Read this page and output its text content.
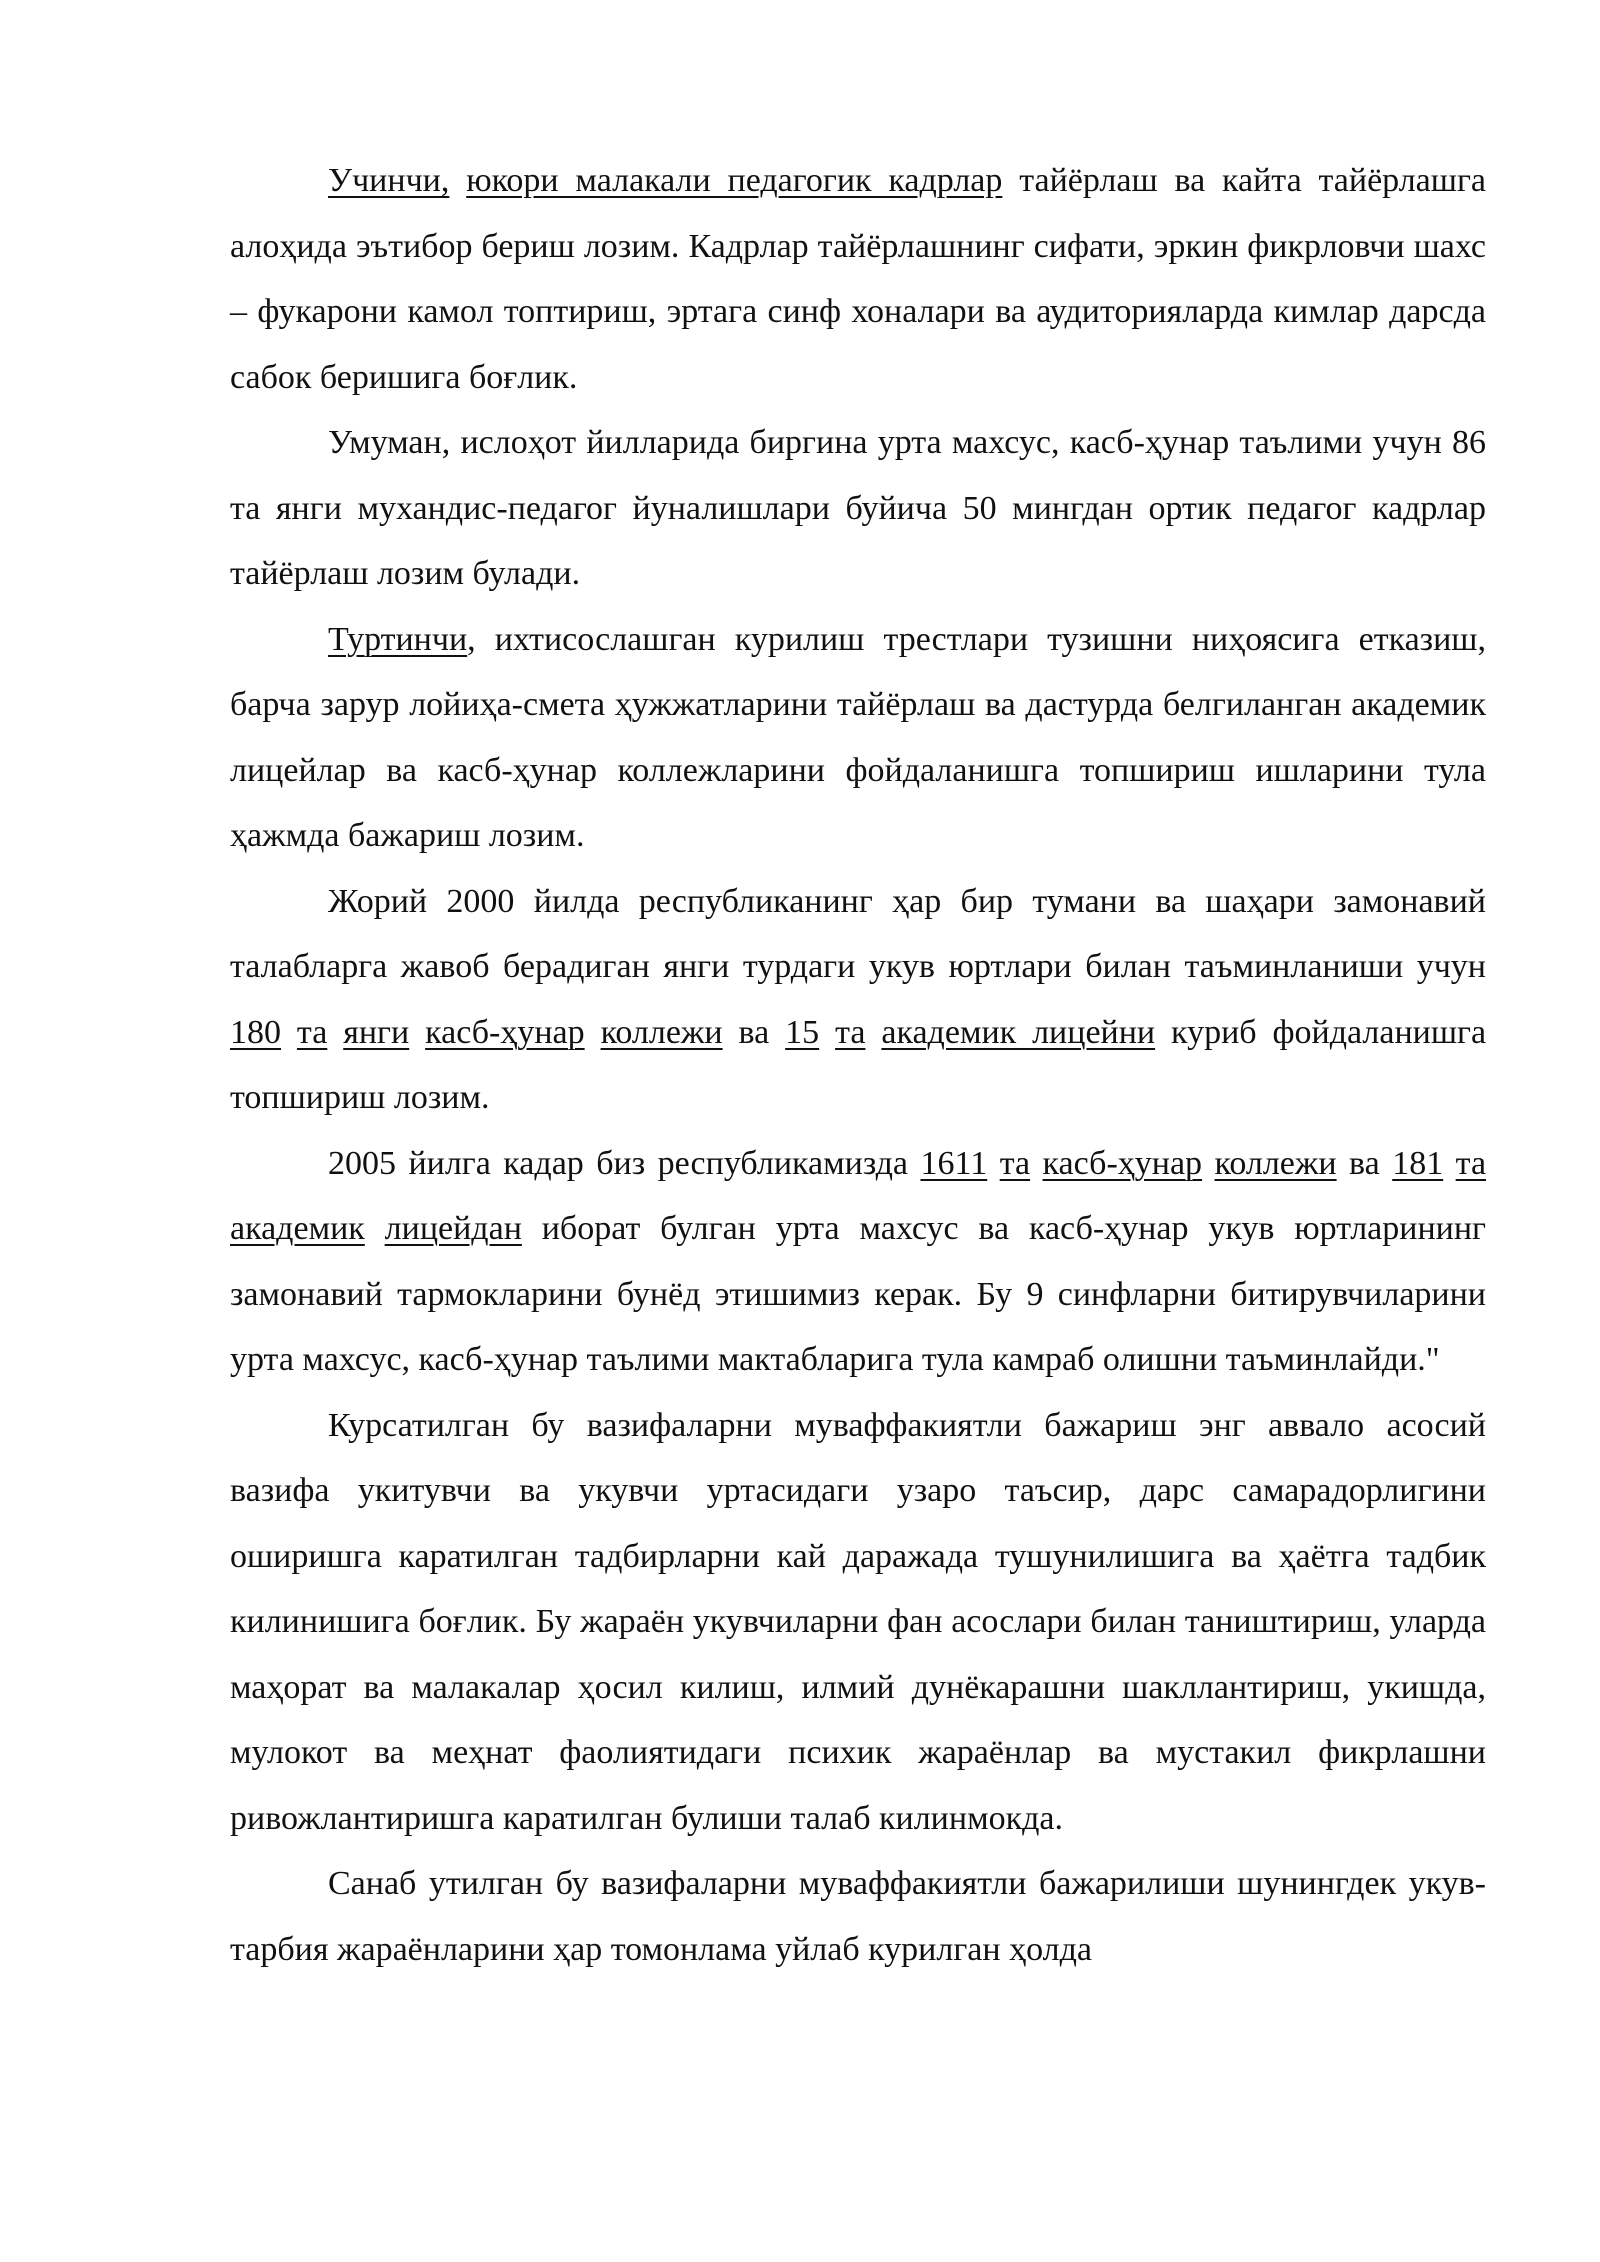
Учинчи, юкори малакали педагогик кадрлар тайёрлаш ва кайта тайёрлашга алоҳида эътибор бериш лозим. Кадрлар тайёрлашнинг сифати, эркин фикрловчи шахс – фукарони камол топтириш, эртага синф хоналари ва аудиторияларда кимлар дарсда сабок беришига боғлик.

Умуман, ислоҳот йилларида биргина урта махсус, касб-ҳунар таълими учун 86 та янги мухандис-педагог йуналишлари буйича 50 мингдан ортик педагог кадрлар тайёрлаш лозим булади.

Туртинчи, ихтисослашган курилиш трестлари тузишни ниҳоясига етказиш, барча зарур лойиҳа-смета ҳужжатларини тайёрлаш ва дастурда белгиланган академик лицейлар ва касб-ҳунар коллежларини фойдаланишга топшириш ишларини тула ҳажмда бажариш лозим.

Жорий 2000 йилда республиканинг ҳар бир тумани ва шаҳари замонавий талабларга жавоб берадиган янги турдаги укув юртлари билан таъминланиши учун 180 та янги касб-ҳунар коллежи ва 15 та академик лицейни куриб фойдаланишга топшириш лозим.

2005 йилга кадар биз республикамизда 1611 та касб-ҳунар коллежи ва 181 та академик лицейдан иборат булган урта махсус ва касб-ҳунар укув юртларининг замонавий тармокларини бунёд этишимиз керак. Бу 9 синфларни битирувчиларини урта махсус, касб-ҳунар таълими мактабларига тула камраб олишни таъминлайди."

Курсатилган бу вазифаларни муваффакиятли бажариш энг аввало асосий вазифа укитувчи ва укувчи уртасидаги узаро таъсир, дарс самарадорлигини оширишга каратилган тадбирларни кай даражада тушунилишига ва ҳаётга тадбик килинишига боғлик. Бу жараён укувчиларни фан асослари билан таништириш, уларда маҳорат ва малакалар ҳосил килиш, илмий дунёкарашни шакллантириш, укишда, мулокот ва меҳнат фаолиятидаги психик жараёнлар ва мустакил фикрлашни ривожлантиришга каратилган булиши талаб килинмокда.

Санаб утилган бу вазифаларни муваффакиятли бажарилиши шунингдек укув-тарбия жараёнларини ҳар томонлама уйлаб курилган ҳолда
